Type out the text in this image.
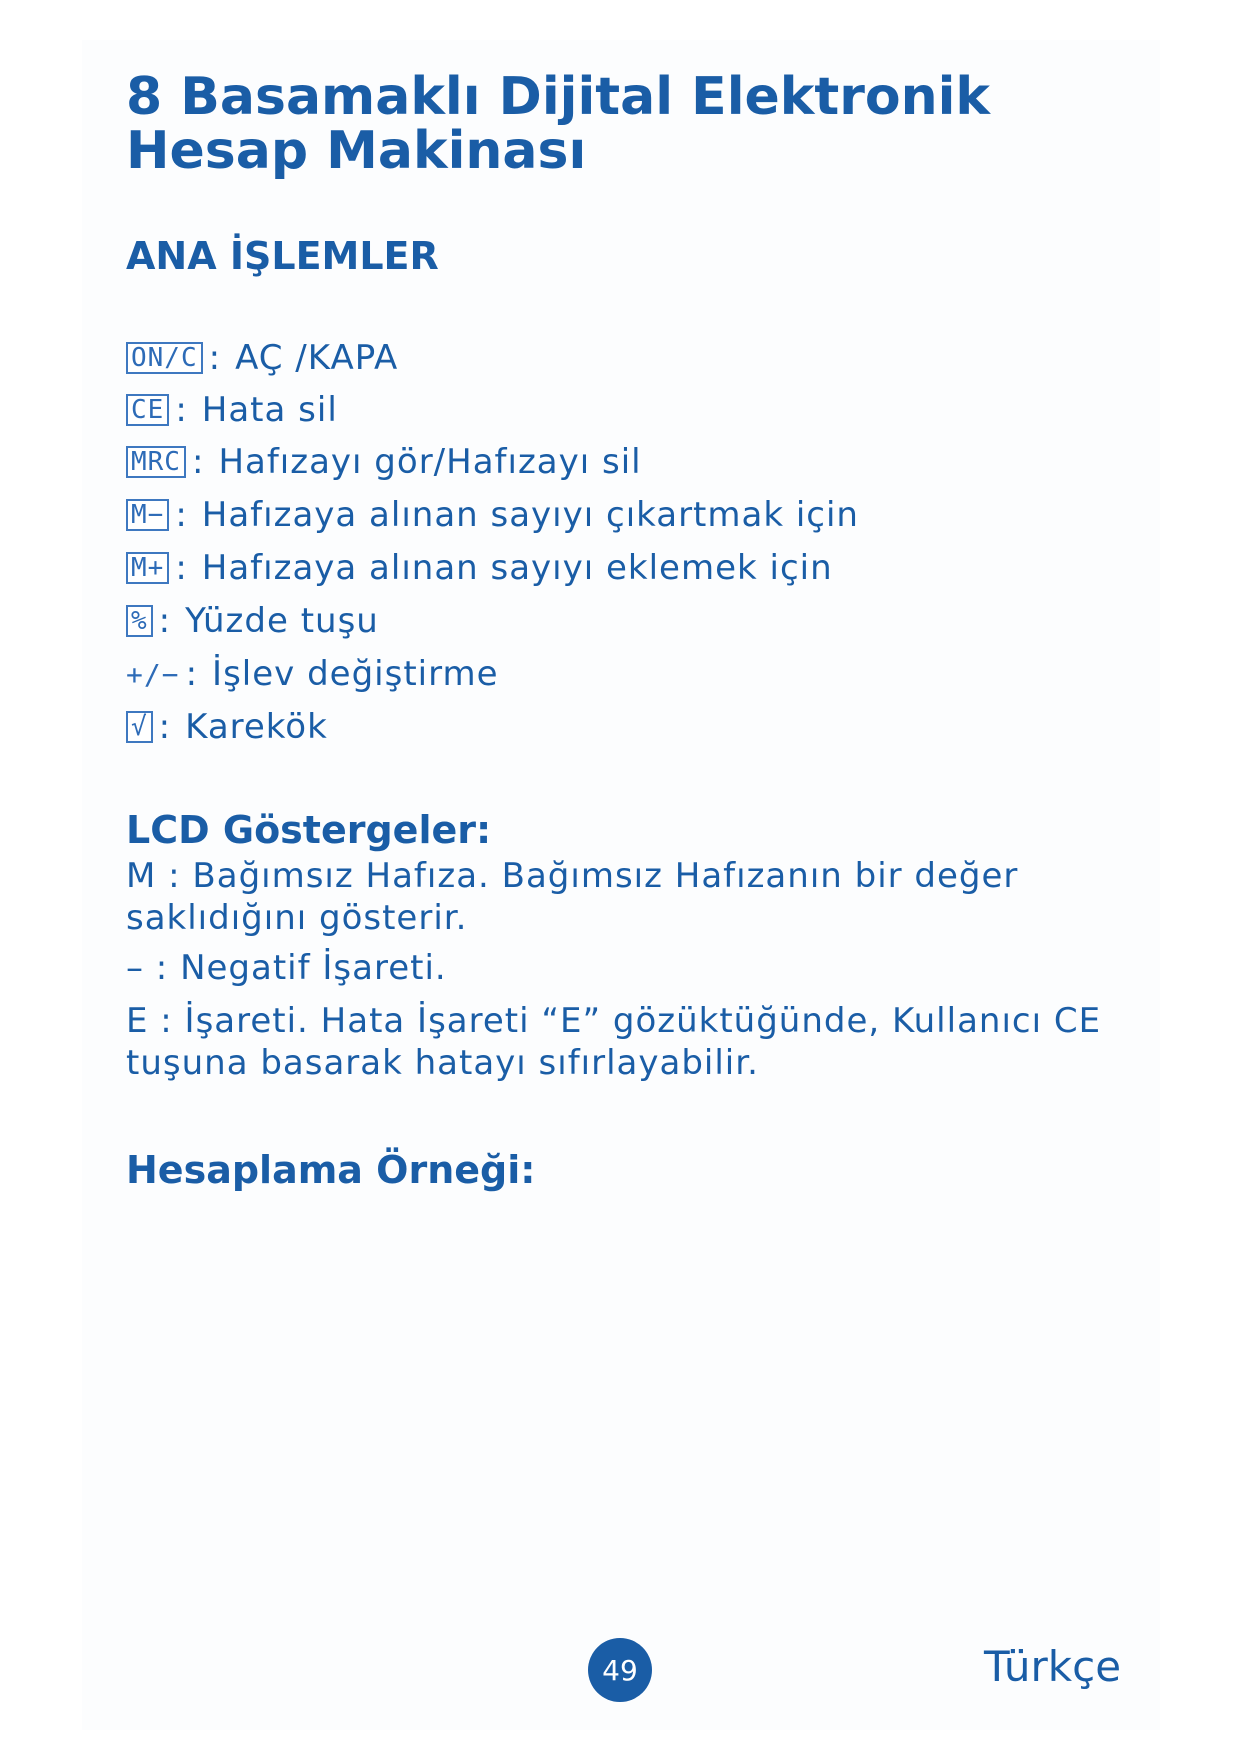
8 Basamaklı Dijital Elektronik Hesap Makinası
ANA İŞLEMLER
ON/C : AÇ /KAPA
CE : Hata sil
MRC : Hafızayı gör/Hafızayı sil
M− : Hafızaya alınan sayıyı çıkartmak için
M+ : Hafızaya alınan sayıyı eklemek için
% : Yüzde tuşu
+/− : İşlev değiştirme
√ : Karekök
LCD Göstergeler:

M : Bağımsız Hafıza. Bağımsız Hafızanın bir değer saklıdığını gösterir.

– : Negatif İşareti.

E : İşareti. Hata İşareti “E” gözüktüğünde, Kullanıcı CE tuşuna basarak hatayı sıfırlayabilir.

Hesaplama Örneği:
49	Türkçe
